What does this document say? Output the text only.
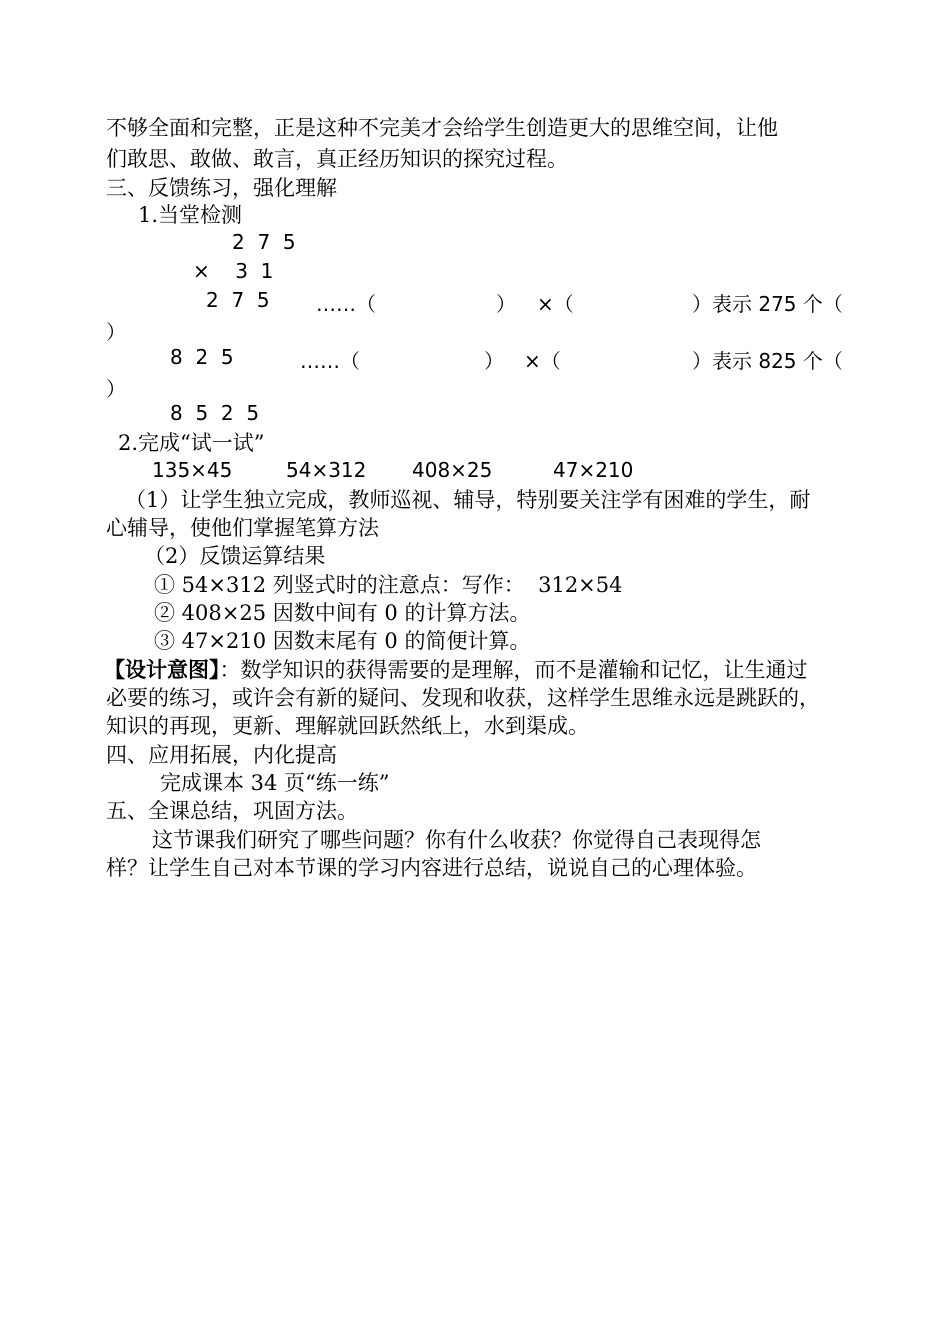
不够全面和完整，正是这种不完美才会给学生创造更大的思维空间，让他
们敢思、敢做、敢言，真正经历知识的探究过程。
三、反馈练习，强化理解
1.当堂检测
2  7  5
×    3  1
2  7  5 ……（	） ×（	）表示 275 个（
）
8  2  5	……（	） ×（	）表示 825 个（
）
8  5  2  5
2.完成“试一试”
135×45	54×312 408×25	47×210
（1）让学生独立完成，教师巡视、辅导，特别要关注学有困难的学生，耐
心辅导，使他们掌握笔算方法
（2）反馈运算结果
① 54×312 列竖式时的注意点：写作：  312×54
② 408×25 因数中间有 0 的计算方法。
③ 47×210 因数末尾有 0 的简便计算。
【设计意图】：数学知识的获得需要的是理解，而不是灌输和记忆，让生通过
必要的练习，或许会有新的疑问、发现和收获，这样学生思维永远是跳跃的，
知识的再现，更新、理解就回跃然纸上，水到渠成。
四、应用拓展，内化提高
完成课本 34 页“练一练”
五、全课总结，巩固方法。
这节课我们研究了哪些问题？你有什么收获？你觉得自己表现得怎
样？让学生自己对本节课的学习内容进行总结，说说自己的心理体验。
